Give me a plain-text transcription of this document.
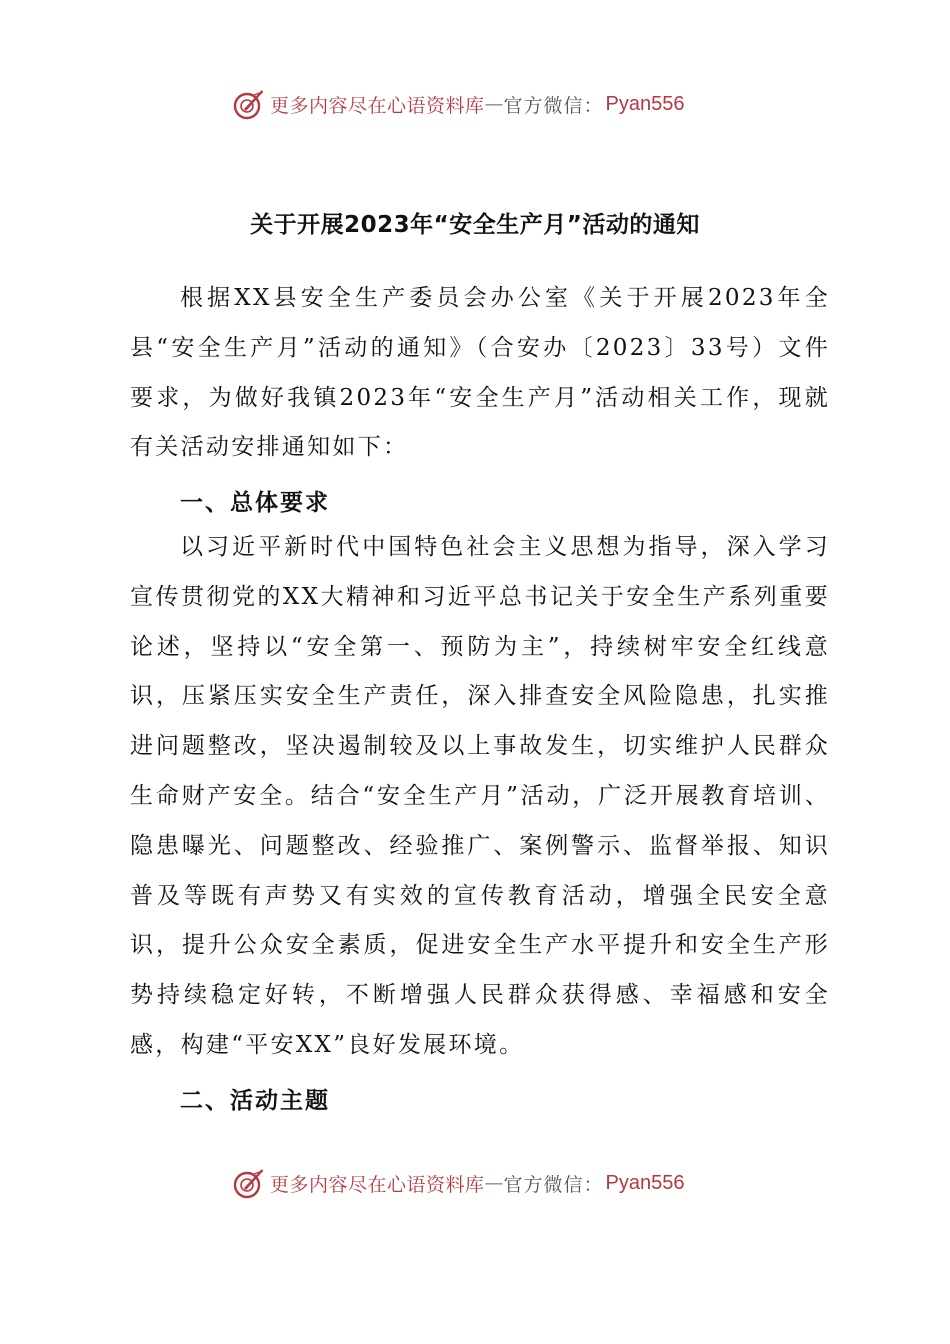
更多内容尽在心语资料库 — 官方微信： Pyan556
关于开展2023年“安全生产月”活动的通知

根据XX县安全生产委员会办公室《关于开展2023年全县“安全生产月”活动的通知》（合安办〔2023〕33号）文件要求，为做好我镇2023年“安全生产月”活动相关工作，现就有关活动安排通知如下：

一、总体要求

以习近平新时代中国特色社会主义思想为指导，深入学习宣传贯彻党的XX大精神和习近平总书记关于安全生产系列重要论述，坚持以“安全第一、预防为主”，持续树牢安全红线意识，压紧压实安全生产责任，深入排查安全风险隐患，扎实推进问题整改，坚决遏制较及以上事故发生，切实维护人民群众生命财产安全。结合“安全生产月”活动，广泛开展教育培训、隐患曝光、问题整改、经验推广、案例警示、监督举报、知识普及等既有声势又有实效的宣传教育活动，增强全民安全意识，提升公众安全素质，促进安全生产水平提升和安全生产形势持续稳定好转，不断增强人民群众获得感、幸福感和安全感，构建“平安XX”良好发展环境。

二、活动主题
更多内容尽在心语资料库 — 官方微信： Pyan556
